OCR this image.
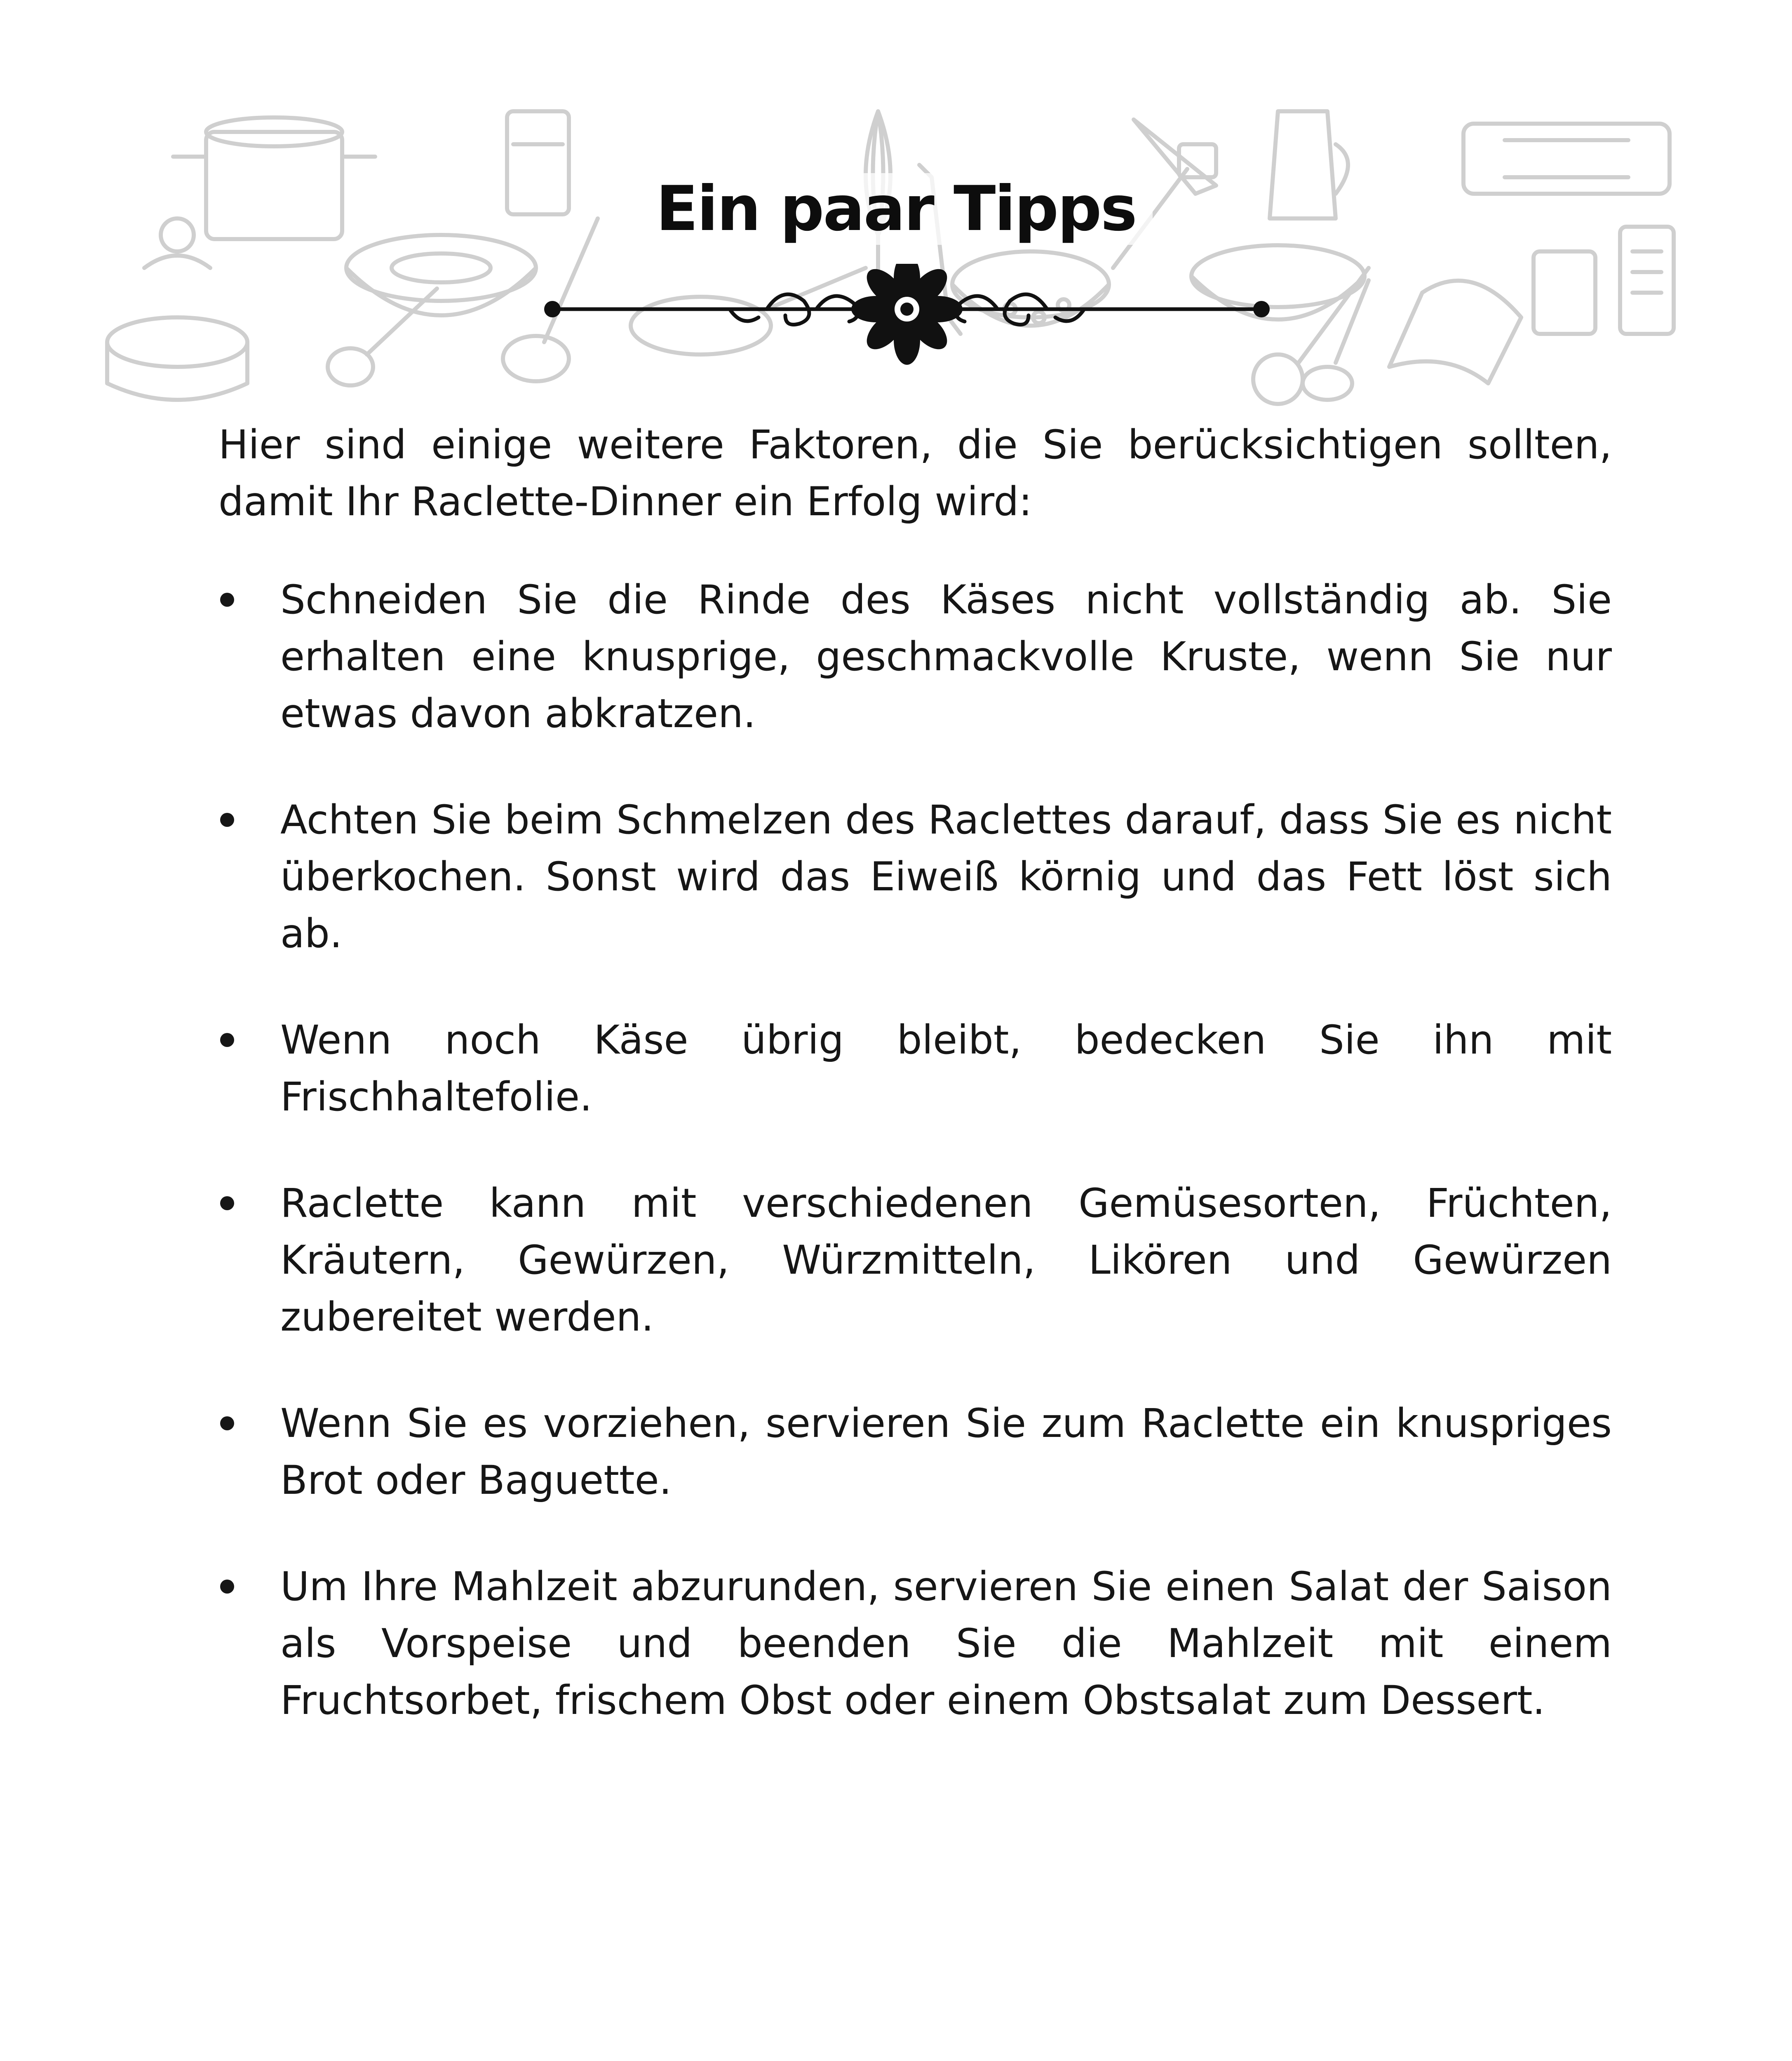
Ein paar Tipps

Hier sind einige weitere Faktoren, die Sie berücksichtigen sollten, damit Ihr Raclette-Dinner ein Erfolg wird:

Schneiden Sie die Rinde des Käses nicht vollständig ab. Sie erhalten eine knusprige, geschmackvolle Kruste, wenn Sie nur etwas davon abkratzen.
Achten Sie beim Schmelzen des Raclettes darauf, dass Sie es nicht überkochen. Sonst wird das Eiweiß körnig und das Fett löst sich ab.
Wenn noch Käse übrig bleibt, bedecken Sie ihn mit Frischhaltefolie.
Raclette kann mit verschiedenen Gemüsesorten, Früchten, Kräutern, Gewürzen, Würzmitteln, Likören und Gewürzen zubereitet werden.
Wenn Sie es vorziehen, servieren Sie zum Raclette ein knuspriges Brot oder Baguette.
Um Ihre Mahlzeit abzurunden, servieren Sie einen Salat der Saison als Vorspeise und beenden Sie die Mahlzeit mit einem Fruchtsorbet, frischem Obst oder einem Obstsalat zum Dessert.
